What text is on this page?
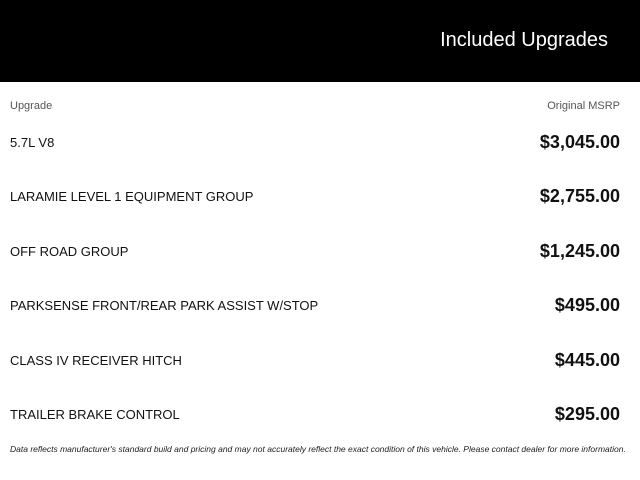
Included Upgrades
Upgrade	Original MSRP
5.7L V8	$3,045.00
LARAMIE LEVEL 1 EQUIPMENT GROUP	$2,755.00
OFF ROAD GROUP	$1,245.00
PARKSENSE FRONT/REAR PARK ASSIST W/STOP	$495.00
CLASS IV RECEIVER HITCH	$445.00
TRAILER BRAKE CONTROL	$295.00
Data reflects manufacturer's standard build and pricing and may not accurately reflect the exact condition of this vehicle. Please contact dealer for more information.
